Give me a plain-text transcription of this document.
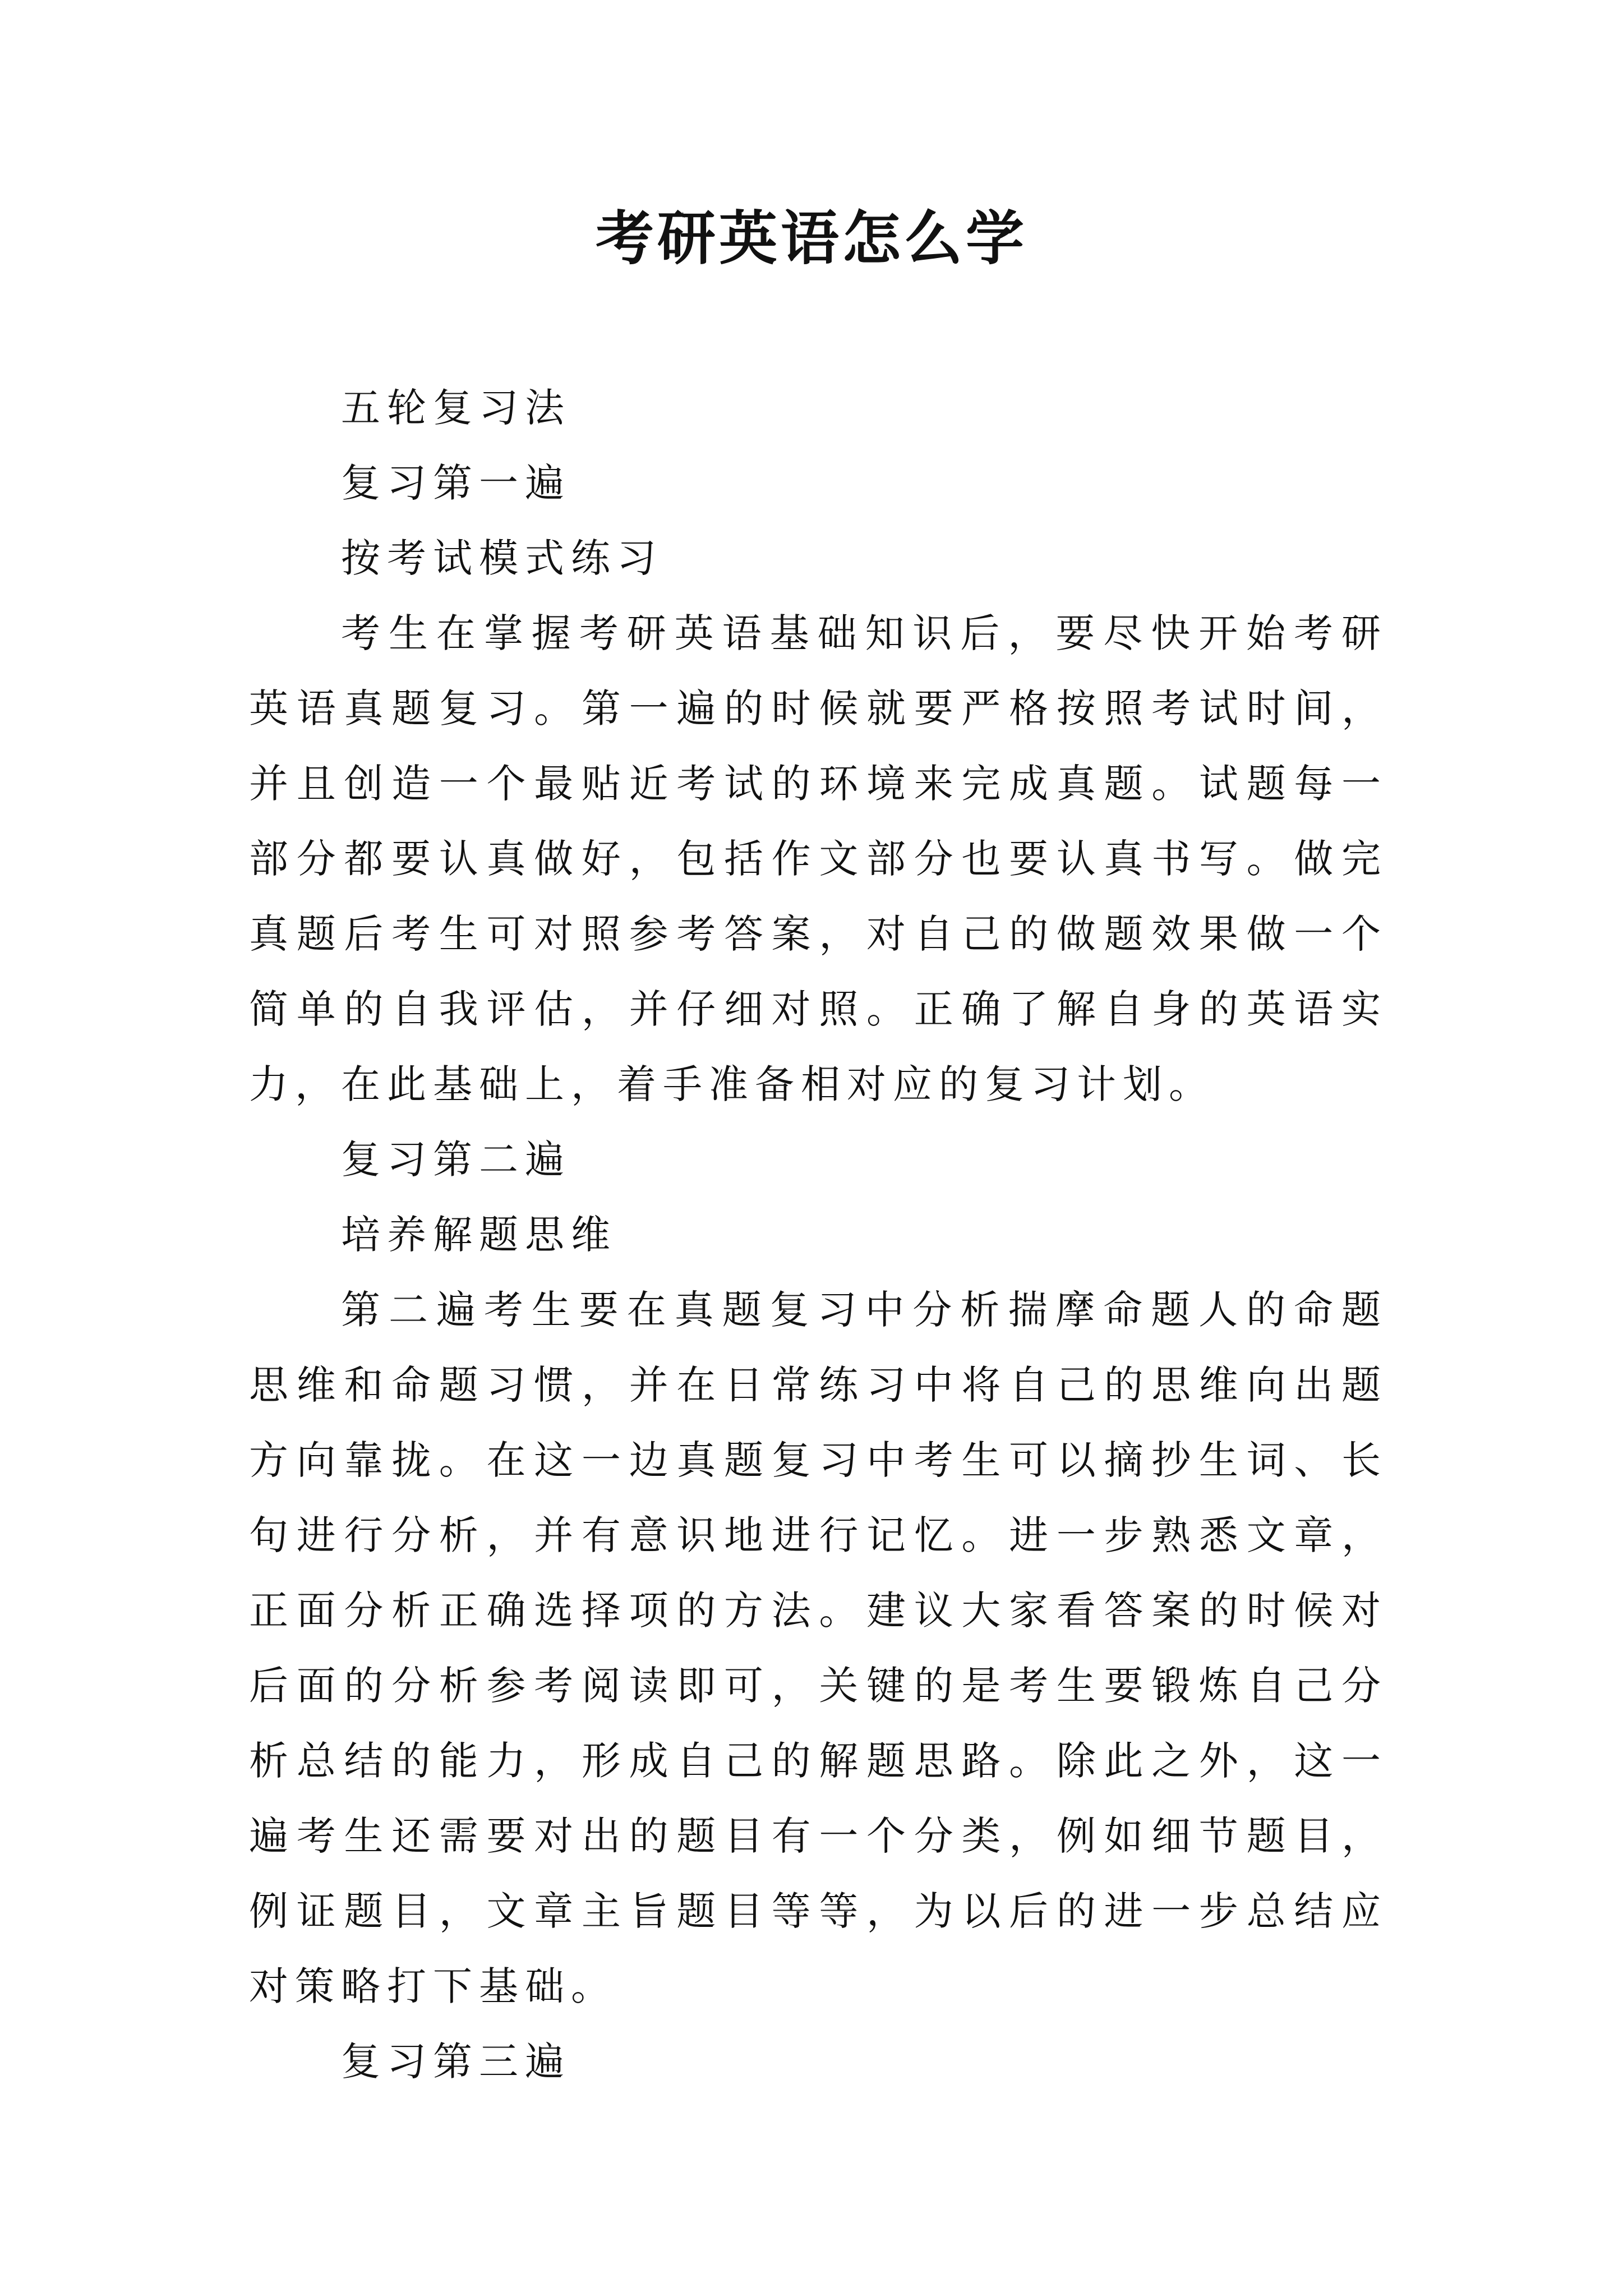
考研英语怎么学

五轮复习法

复习第一遍

按考试模式练习

考生在掌握考研英语基础知识后，要尽快开始考研英语真题复习。第一遍的时候就要严格按照考试时间，并且创造一个最贴近考试的环境来完成真题。试题每一部分都要认真做好，包括作文部分也要认真书写。做完真题后考生可对照参考答案，对自己的做题效果做一个简单的自我评估，并仔细对照。正确了解自身的英语实力，在此基础上，着手准备相对应的复习计划。

复习第二遍

培养解题思维

第二遍考生要在真题复习中分析揣摩命题人的命题思维和命题习惯，并在日常练习中将自己的思维向出题方向靠拢。在这一边真题复习中考生可以摘抄生词、长句进行分析，并有意识地进行记忆。进一步熟悉文章，正面分析正确选择项的方法。建议大家看答案的时候对后面的分析参考阅读即可，关键的是考生要锻炼自己分析总结的能力，形成自己的解题思路。除此之外，这一遍考生还需要对出的题目有一个分类，例如细节题目，例证题目，文章主旨题目等等，为以后的进一步总结应对策略打下基础。

复习第三遍
